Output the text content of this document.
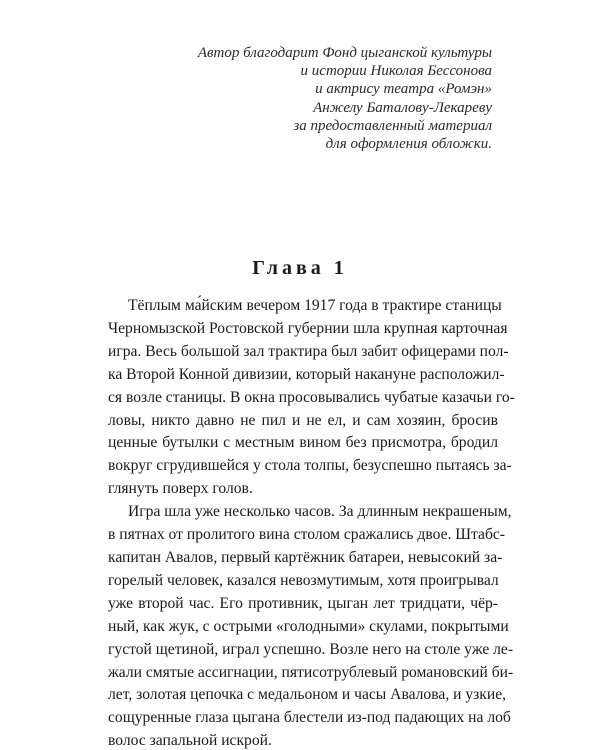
Автор благодарит Фонд цыганской культуры
и истории Николая Бессонова
и актрису театра «Ромэн»
Анжелу Баталову-Лекареву
за предоставленный материал
для оформления обложки.
Глава 1
Тёплым ма́йским вечером 1917 года в трактире станицы
Черномызской Ростовской губернии шла крупная карточная
игра. Весь большой зал трактира был забит офицерами пол-
ка Второй Конной дивизии, который накануне расположил-
ся возле станицы. В окна просовывались чубатые казачьи го-
ловы, никто давно не пил и не ел, и сам хозяин, бросив
ценные бутылки с местным вином без присмотра, бродил
вокруг сгрудившейся у стола толпы, безуспешно пытаясь за-
глянуть поверх голов.
Игра шла уже несколько часов. За длинным некрашеным,
в пятнах от пролитого вина столом сражались двое. Штабс-
капитан Авалов, первый картёжник батареи, невысокий за-
горелый человек, казался невозмутимым, хотя проигрывал
уже второй час. Его противник, цыган лет тридцати, чёр-
ный, как жук, с острыми «голодными» скулами, покрытыми
густой щетиной, играл успешно. Возле него на столе уже ле-
жали смятые ассигнации, пятисотрублевый романовский би-
лет, золотая цепочка с медальоном и часы Авалова, и узкие,
сощуренные глаза цыгана блестели из-под падающих на лоб
волос запальной искрой.
